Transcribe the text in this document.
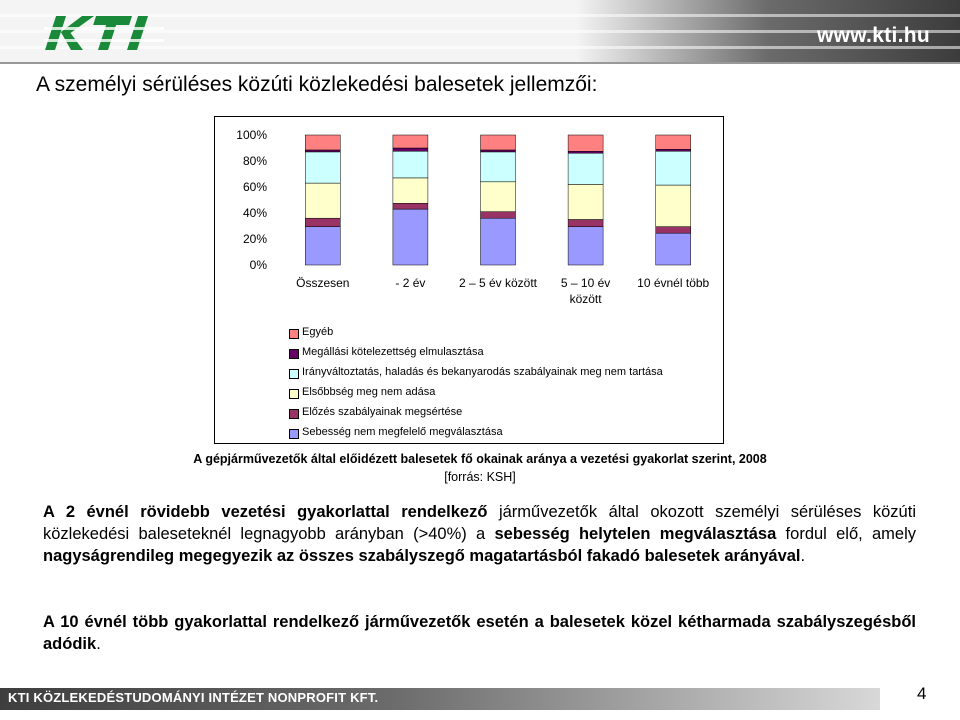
www.kti.hu
A személyi sérüléses közúti közlekedési balesetek jellemzői:
0%
20%
40%
60%
80%
100%
Összesen	- 2 év	2 – 5 év között 5 – 10 év
között
10 évnél több
Egyéb
Megállási kötelezettség elmulasztása
Irányváltoztatás, haladás és bekanyarodás szabályainak meg nem tartása
Elsőbbség meg nem adása
Előzés szabályainak megsértése
Sebesség nem megfelelő megválasztása
A gépjárművezetők által előidézett balesetek fő okainak aránya a vezetési gyakorlat szerint, 2008
[forrás: KSH]

A 2 évnél rövidebb vezetési gyakorlattal rendelkező járművezetők által okozott személyi sérüléses közúti közlekedési baleseteknél legnagyobb arányban (>40%) a sebesség helytelen megválasztása fordul elő, amely nagyságrendileg megegyezik az összes szabályszegő magatartásból fakadó balesetek arányával.

A 10 évnél több gyakorlattal rendelkező járművezetők esetén a balesetek közel kétharmada szabályszegésből adódik.

KTI KÖZLEKEDÉSTUDOMÁNYI INTÉZET NONPROFIT KFT.	4
